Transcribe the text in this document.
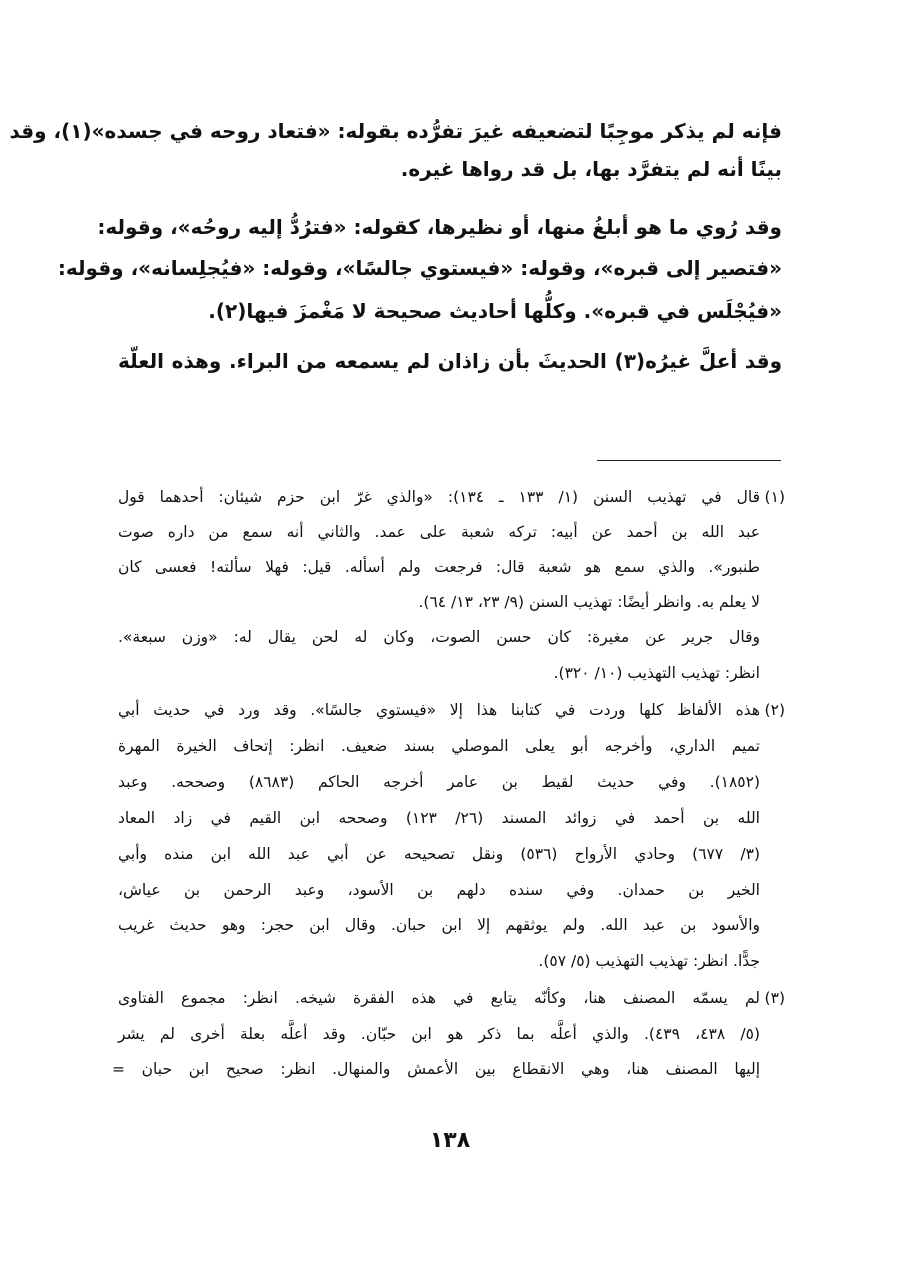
فإنه لم يذكر موجِبًا لتضعيفه غيرَ تفرُّده بقوله: «فتعاد روحه في جسده»(١)، وقد
بينًا أنه لم يتفرَّد بها، بل قد رواها غيره.
وقد رُوي ما هو أبلغُ منها، أو نظيرها، كقوله: «فترُدُّ إليه روحُه»، وقوله:
«فتصير إلى قبره»، وقوله: «فيستوي جالسًا»، وقوله: «فيُجلِسانه»، وقوله:
«فيُجْلَس في قبره». وكلُّها أحاديث صحيحة لا مَغْمزَ فيها(٢).
وقد أعلَّ غيرُه(٣) الحديثَ بأن زاذان لم يسمعه من البراء. وهذه العلّة
(١)
قال في تهذيب السنن (١/ ١٣٣ ـ ١٣٤): «والذي غرّ ابن حزم شيئان: أحدهما قول
عبد الله بن أحمد عن أبيه: تركه شعبة على عمد. والثاني أنه سمع من داره صوت
طنبور». والذي سمع هو شعبة قال: فرجعت ولم أسأله. قيل: فهلا سألته! فعسى كان
لا يعلم به. وانظر أيضًا: تهذيب السنن (٩/ ٢٣، ١٣/ ٦٤).
وقال جرير عن مغيرة: كان حسن الصوت، وكان له لحن يقال له: «وزن سبعة».
انظر: تهذيب التهذيب (١٠/ ٣٢٠).
(٢)
هذه الألفاظ كلها وردت في كتابنا هذا إلا «فيستوي جالسًا». وقد ورد في حديث أبي
تميم الداري، وأخرجه أبو يعلى الموصلي بسند ضعيف. انظر: إتحاف الخيرة المهرة
(١٨٥٢). وفي حديث لقيط بن عامر أخرجه الحاكم (٨٦٨٣) وصححه. وعبد
الله بن أحمد في زوائد المسند (٢٦/ ١٢٣) وصححه ابن القيم في زاد المعاد
(٣/ ٦٧٧) وحادي الأرواح (٥٣٦) ونقل تصحيحه عن أبي عبد الله ابن منده وأبي
الخير بن حمدان. وفي سنده دلهم بن الأسود، وعبد الرحمن بن عياش،
والأسود بن عبد الله. ولم يوثقهم إلا ابن حبان. وقال ابن حجر: وهو حديث غريب
جدًّا. انظر: تهذيب التهذيب (٥/ ٥٧).
(٣)
لم يسمّه المصنف هنا، وكأنّه يتابع في هذه الفقرة شيخه. انظر: مجموع الفتاوى
(٥/ ٤٣٨، ٤٣٩). والذي أعلَّه بما ذكر هو ابن حبّان. وقد أعلَّه بعلة أخرى لم يشر
إليها المصنف هنا، وهي الانقطاع بين الأعمش والمنهال. انظر: صحيح ابن حبان =
١٣٨
